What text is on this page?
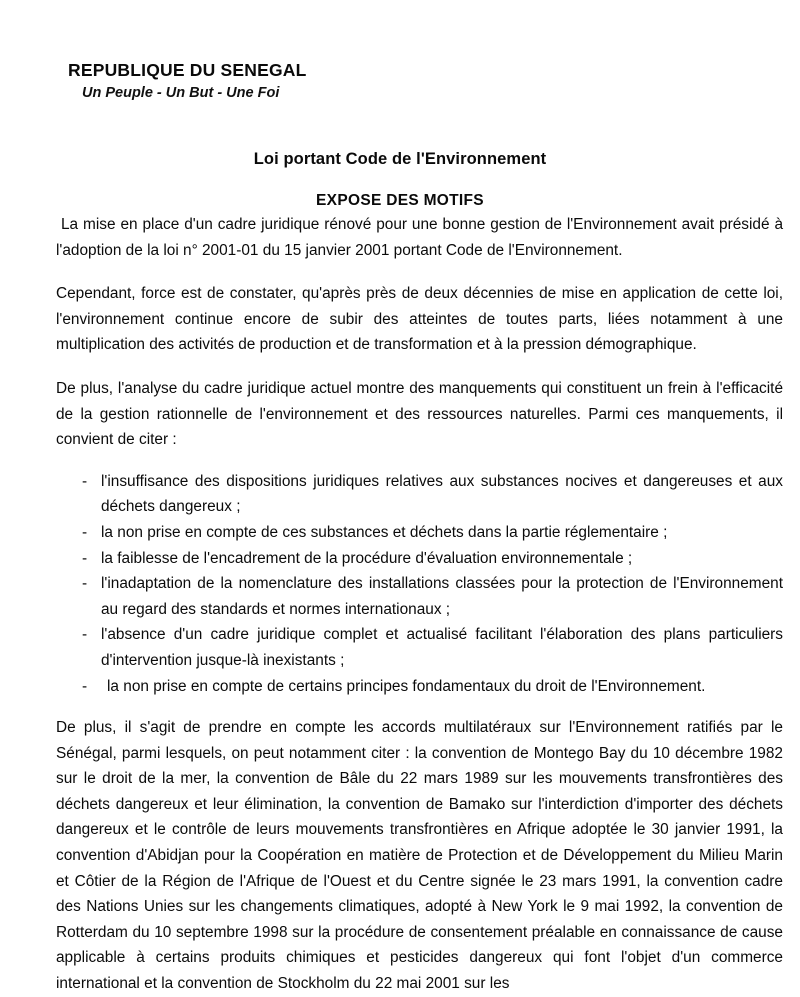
REPUBLIQUE DU SENEGAL
Un Peuple - Un But - Une Foi
Loi portant Code de l'Environnement
EXPOSE DES MOTIFS

La mise en place d'un cadre juridique rénové pour une bonne gestion de l'Environnement avait présidé à l'adoption de la loi n° 2001-01 du 15 janvier 2001 portant Code de l'Environnement.

Cependant, force est de constater, qu'après près de deux décennies de mise en application de cette loi, l'environnement continue encore de subir des atteintes de toutes parts, liées notamment à une multiplication des activités de production et de transformation et à la pression démographique.

De plus, l'analyse du cadre juridique actuel montre des manquements qui constituent un frein à l'efficacité de la gestion rationnelle de l'environnement et des ressources naturelles. Parmi ces manquements, il convient de citer :

- l'insuffisance des dispositions juridiques relatives aux substances nocives et dangereuses et aux déchets dangereux ;
- la non prise en compte de ces substances et déchets dans la partie réglementaire ;
- la faiblesse de l'encadrement de la procédure d'évaluation environnementale ;
- l'inadaptation de la nomenclature des installations classées pour la protection de l'Environnement au regard des standards et normes internationaux ;
- l'absence d'un cadre juridique complet et actualisé facilitant l'élaboration des plans particuliers d'intervention jusque-là inexistants ;
- la non prise en compte de certains principes fondamentaux du droit de l'Environnement.

De plus, il s'agit de prendre en compte les accords multilatéraux sur l'Environnement ratifiés par le Sénégal, parmi lesquels, on peut notamment citer : la convention de Montego Bay du 10 décembre 1982 sur le droit de la mer, la convention de Bâle du 22 mars 1989 sur les mouvements transfrontières des déchets dangereux et leur élimination, la convention de Bamako sur l'interdiction d'importer des déchets dangereux et le contrôle de leurs mouvements transfrontières en Afrique adoptée le 30 janvier 1991, la convention d'Abidjan pour la Coopération en matière de Protection et de Développement du Milieu Marin et Côtier de la Région de l'Afrique de l'Ouest et du Centre signée le 23 mars 1991, la convention cadre des Nations Unies sur les changements climatiques, adopté à New York le 9 mai 1992, la convention de Rotterdam du 10 septembre 1998 sur la procédure de consentement préalable en connaissance de cause applicable à certains produits chimiques et pesticides dangereux qui font l'objet d'un commerce international et la convention de Stockholm du 22 mai 2001 sur les
